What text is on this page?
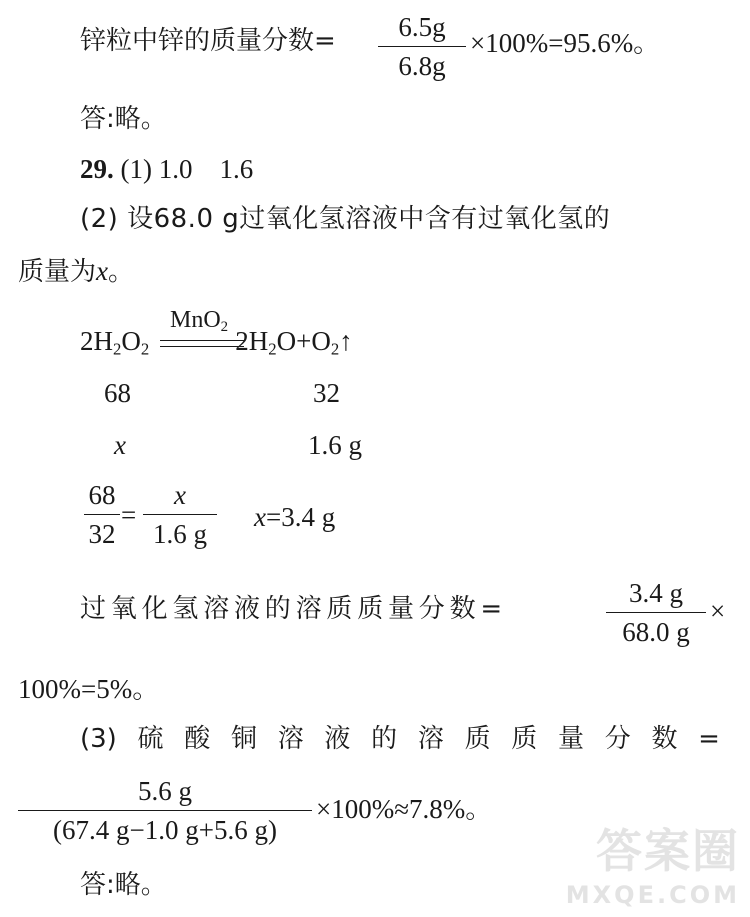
锌粒中锌的质量分数=	6.5g
6.8g
×100%=95.6%。
答:略。
29. (1) 1.0　1.6
(2) 设68.0 g过氧化氢溶液中含有过氧化氢的
质量为x。
MnO$_2$
$2H_2O_2$	$2H_2O+O_2↑$
68	32
x	1.6 g
68
32
=
x
1.6 g
x=3.4 g
过氧化氢溶液的溶质质量分数=
3.4 g
68.0 g
×
100%=5%。
(3) 硫 酸 铜 溶 液 的 溶 质 质 量 分 数 =
5.6 g
(67.4 g−1.0 g+5.6 g)
×100%≈7.8%。
答:略。
答案圈
MXQE.COM
